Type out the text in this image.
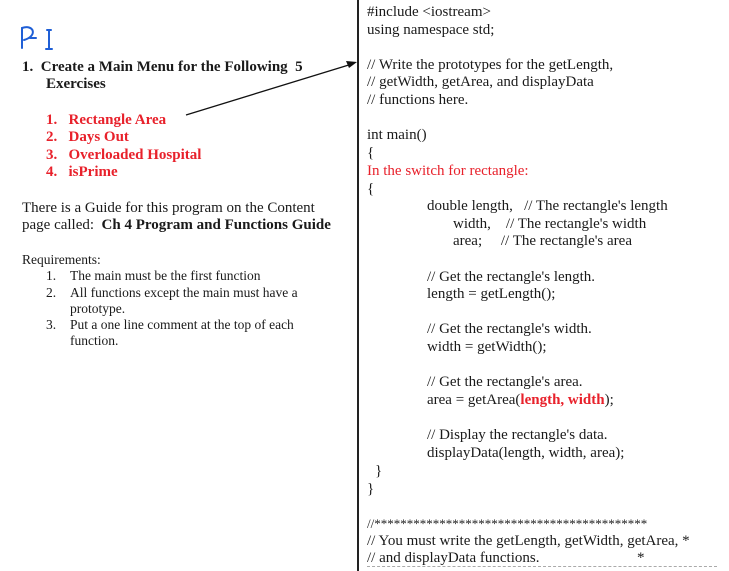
1.  Create a Main Menu for the Following  5
Exercises
1.   Rectangle Area
2.   Days Out
3.   Overloaded Hospital
4.   isPrime
There is a Guide for this program on the Content
page called:  Ch 4 Program and Functions Guide
Requirements:
1. The main must be the first function
2. All functions except the main must have a
prototype.
3. Put a one line comment at the top of each
function.
#include <iostream>
using namespace std;
// Write the prototypes for the getLength,
// getWidth, getArea, and displayData
// functions here.
int main()
{
In the switch for rectangle:
{
double length,   // The rectangle's length
width,    // The rectangle's width
area;     // The rectangle's area
// Get the rectangle's length.
length = getLength();
// Get the rectangle's width.
width = getWidth();
// Get the rectangle's area.
area = getArea(length, width);
// Display the rectangle's data.
displayData(length, width, area);
}
}
//******************************************
// You must write the getLength, getWidth, getArea, *
// and displayData functions.                          *
